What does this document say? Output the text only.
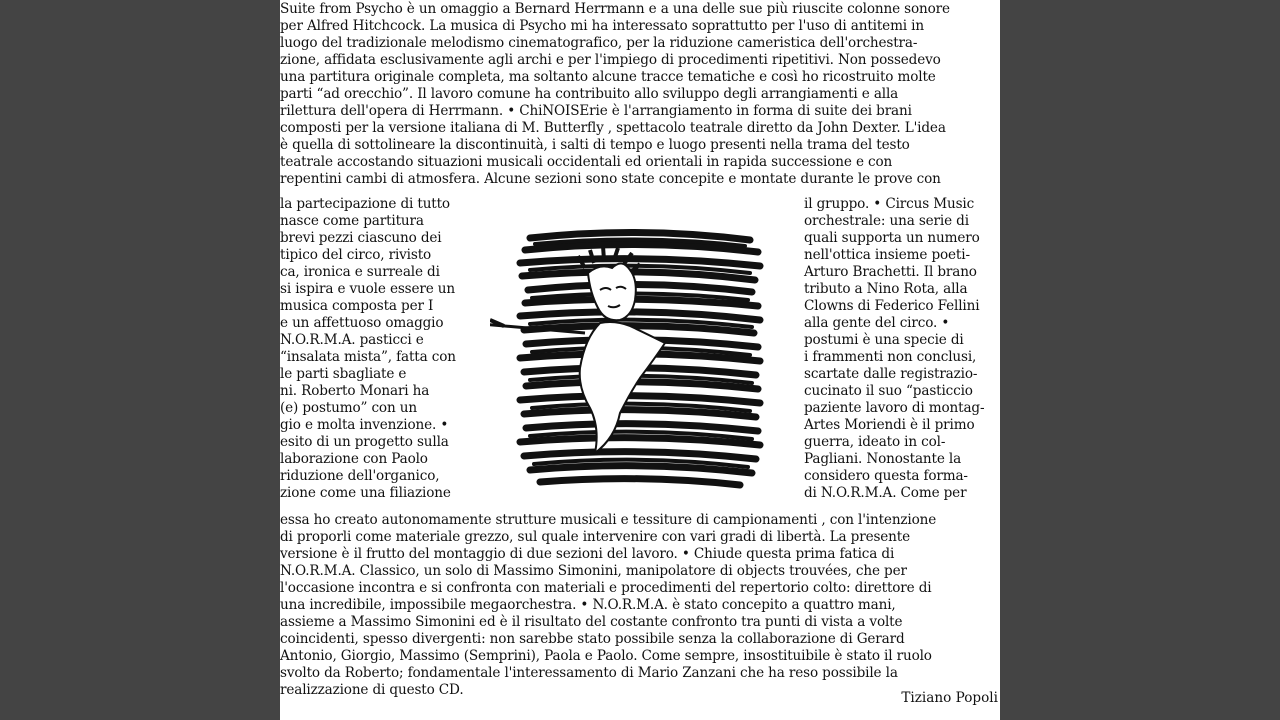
Tiziano Popoli
Suite from Psycho è un omaggio a Bernard Herrmann e a una delle sue più riuscite colonne sonore
per Alfred Hitchcock. La musica di Psycho mi ha interessato soprattutto per l'uso di antitemi in
luogo del tradizionale melodismo cinematografico, per la riduzione cameristica dell'orchestra-
zione, affidata esclusivamente agli archi e per l'impiego di procedimenti ripetitivi. Non possedevo
una partitura originale completa, ma soltanto alcune tracce tematiche e così ho ricostruito molte
parti “ad orecchio”. Il lavoro comune ha contribuito allo sviluppo degli arrangiamenti e alla
rilettura dell'opera di Herrmann. • ChiNOISErie è l'arrangiamento in forma di suite dei brani
composti per la versione italiana di M. Butterfly , spettacolo teatrale diretto da John Dexter. L'idea
è quella di sottolineare la discontinuità, i salti di tempo e luogo presenti nella trama del testo
teatrale accostando situazioni musicali occidentali ed orientali in rapida successione e con
repentini cambi di atmosfera. Alcune sezioni sono state concepite e montate durante le prove con
la partecipazione di tutto
nasce come partitura
brevi pezzi ciascuno dei
tipico del circo, rivisto
ca, ironica e surreale di
si ispira e vuole essere un
musica composta per I
e un affettuoso omaggio
N.O.R.M.A. pasticci e
“insalata mista”, fatta con
le parti sbagliate e
ni. Roberto Monari ha
(e) postumo” con un
gio e molta invenzione. •
esito di un progetto sulla
laborazione con Paolo
riduzione dell'organico,
zione come una filiazione
il gruppo. • Circus Music
orchestrale: una serie di
quali supporta un numero
nell'ottica insieme poeti-
Arturo Brachetti. Il brano
tributo a Nino Rota, alla
Clowns di Federico Fellini
alla gente del circo. •
postumi è una specie di
i frammenti non conclusi,
scartate dalle registrazio-
cucinato il suo “pasticcio
paziente lavoro di montag-
Artes Moriendi è il primo
guerra, ideato in col-
Pagliani. Nonostante la
considero questa forma-
di N.O.R.M.A. Come per
essa ho creato autonomamente strutture musicali e tessiture di campionamenti , con l'intenzione
di proporli come materiale grezzo, sul quale intervenire con vari gradi di libertà. La presente
versione è il frutto del montaggio di due sezioni del lavoro. • Chiude questa prima fatica di
N.O.R.M.A. Classico, un solo di Massimo Simonini, manipolatore di objects trouvées, che per
l'occasione incontra e si confronta con materiali e procedimenti del repertorio colto: direttore di
una incredibile, impossibile megaorchestra. • N.O.R.M.A. è stato concepito a quattro mani,
assieme a Massimo Simonini ed è il risultato del costante confronto tra punti di vista a volte
coincidenti, spesso divergenti: non sarebbe stato possibile senza la collaborazione di Gerard
Antonio, Giorgio, Massimo (Semprini), Paola e Paolo. Come sempre, insostituibile è stato il ruolo
svolto da Roberto; fondamentale l'interessamento di Mario Zanzani che ha reso possibile la
realizzazione di questo CD.
